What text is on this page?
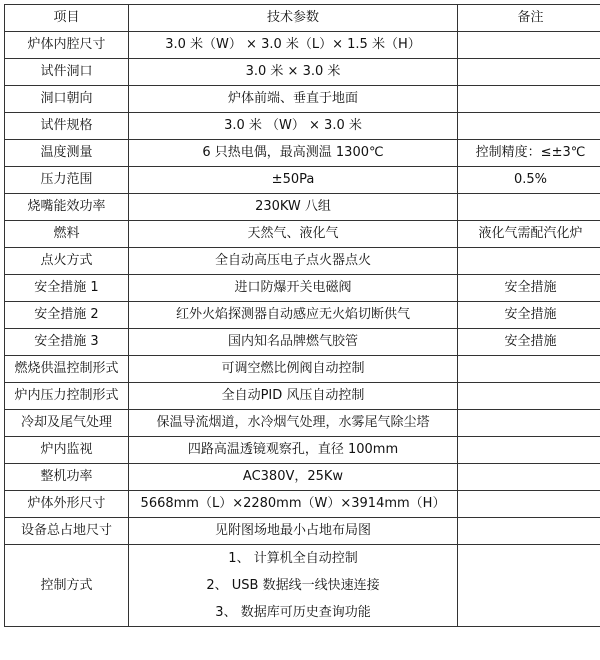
项目	技术参数	备注
炉体内腔尺寸	3.0 米（W） × 3.0 米（L）× 1.5 米（H）	
试件洞口	3.0 米 × 3.0 米	
洞口朝向	炉体前端、垂直于地面	
试件规格	3.0 米 （W） × 3.0 米	
温度测量	6 只热电偶，最高测温 1300℃	控制精度：≤±3℃
压力范围	±50Pa	0.5%
烧嘴能效功率	230KW 八组	
燃料	天然气、液化气	液化气需配汽化炉
点火方式	全自动高压电子点火器点火	
安全措施 1	进口防爆开关电磁阀	安全措施
安全措施 2	红外火焰探测器自动感应无火焰切断供气	安全措施
安全措施 3	国内知名品牌燃气胶管	安全措施
燃烧供温控制形式	可调空燃比例阀自动控制	
炉内压力控制形式	全自动PID 风压自动控制	
冷却及尾气处理	保温导流烟道，水冷烟气处理，水雾尾气除尘塔	
炉内监视	四路高温透镜观察孔，直径 100mm	
整机功率	AC380V，25Kw	
炉体外形尺寸	5668mm（L）×2280mm（W）×3914mm（H）	
设备总占地尺寸	见附图场地最小占地布局图	
控制方式	1、 计算机全自动控制
2、 USB 数据线一线快速连接
3、 数据库可历史查询功能	
